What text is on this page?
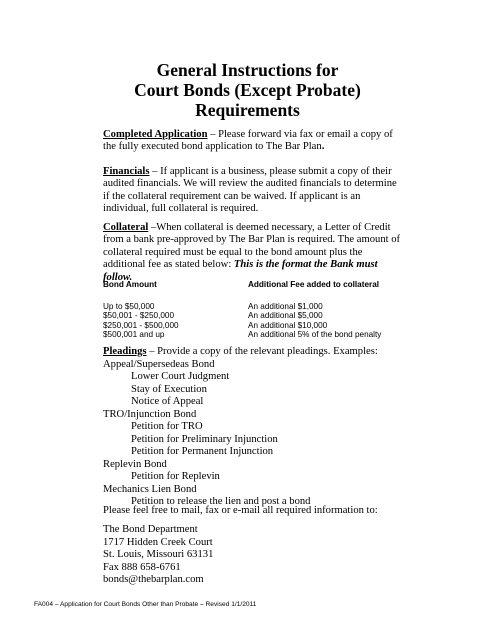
General Instructions for
Court Bonds (Except Probate)
Requirements

Completed Application – Please forward via fax or email a copy of the fully executed bond application to The Bar Plan.

Financials – If applicant is a business, please submit a copy of their audited financials. We will review the audited financials to determine if the collateral requirement can be waived. If applicant is an individual, full collateral is required.

Collateral –When collateral is deemed necessary, a Letter of Credit from a bank pre-approved by The Bar Plan is required. The amount of collateral required must be equal to the bond amount plus the additional fee as stated below: This is the format the Bank must follow.

Bond Amount	Additional Fee added to collateral
Up to $50,000	An additional $1,000
$50,001 - $250,000	An additional $5,000
$250,001 - $500,000	An additional $10,000
$500,001 and up	An additional 5% of the bond penalty
Pleadings – Provide a copy of the relevant pleadings. Examples:
Appeal/Supersedeas Bond
Lower Court Judgment
Stay of Execution
Notice of Appeal
TRO/Injunction Bond
Petition for TRO
Petition for Preliminary Injunction
Petition for Permanent Injunction
Replevin Bond
Petition for Replevin
Mechanics Lien Bond
Petition to release the lien and post a bond

Please feel free to mail, fax or e-mail all required information to:

The Bond Department
1717 Hidden Creek Court
St. Louis, Missouri 63131
Fax 888 658-6761
bonds@thebarplan.com
FA004 – Application for Court Bonds Other than Probate – Revised 1/1/2011
